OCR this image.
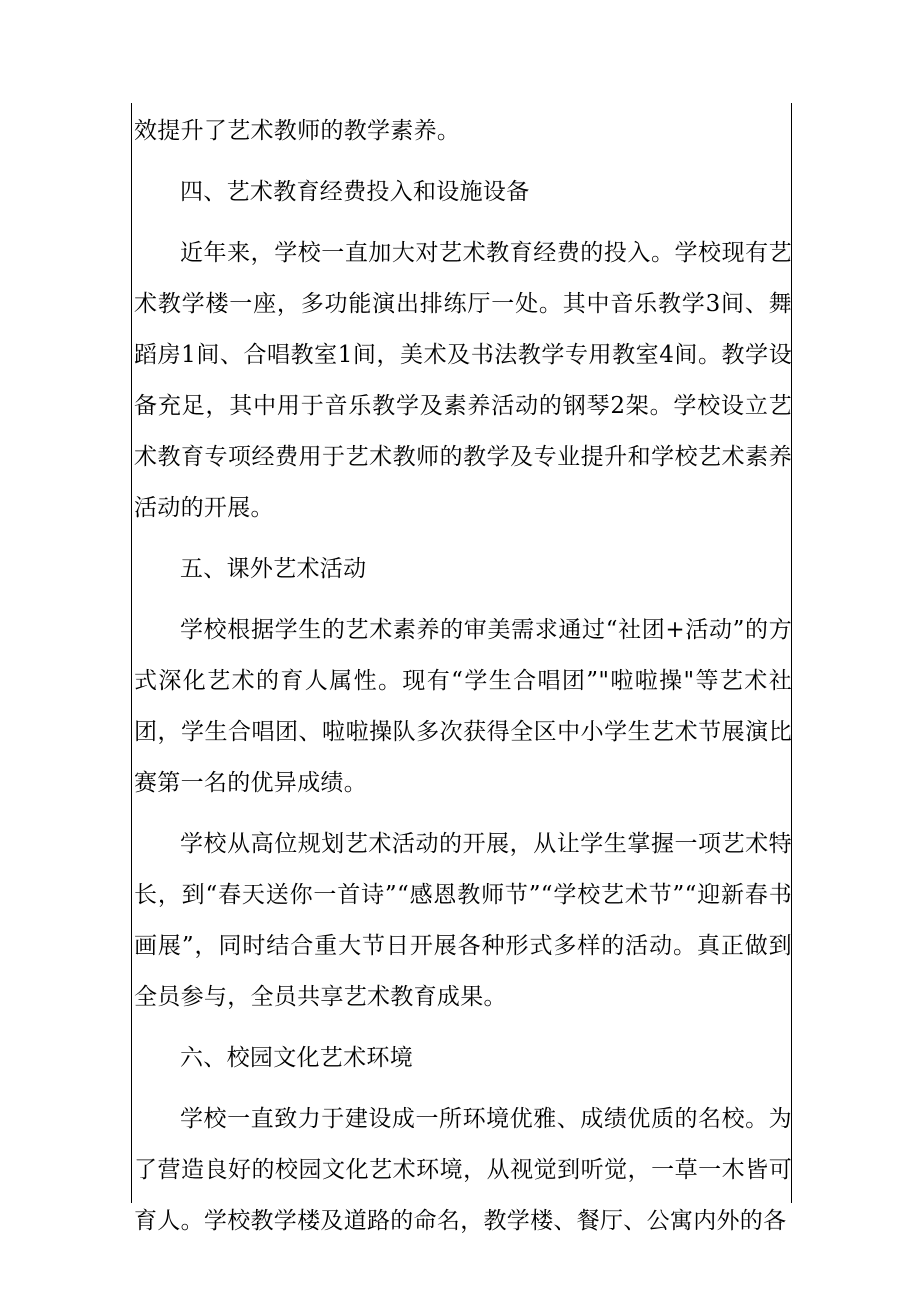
效提升了艺术教师的教学素养。

四、艺术教育经费投入和设施设备

近年来，学校一直加大对艺术教育经费的投入。学校现有艺术教学楼一座，多功能演出排练厅一处。其中音乐教学3间、舞蹈房1间、合唱教室1间，美术及书法教学专用教室4间。教学设备充足，其中用于音乐教学及素养活动的钢琴2架。学校设立艺术教育专项经费用于艺术教师的教学及专业提升和学校艺术素养活动的开展。

五、课外艺术活动

学校根据学生的艺术素养的审美需求通过“社团+活动”的方式深化艺术的育人属性。现有“学生合唱团”"啦啦操"等艺术社团，学生合唱团、啦啦操队多次获得全区中小学生艺术节展演比赛第一名的优异成绩。

学校从高位规划艺术活动的开展，从让学生掌握一项艺术特长，到“春天送你一首诗”“感恩教师节”“学校艺术节”“迎新春书画展”，同时结合重大节日开展各种形式多样的活动。真正做到全员参与，全员共享艺术教育成果。

六、校园文化艺术环境

学校一直致力于建设成一所环境优雅、成绩优质的名校。为了营造良好的校园文化艺术环境，从视觉到听觉，一草一木皆可育人。学校教学楼及道路的命名，教学楼、餐厅、公寓内外的各
